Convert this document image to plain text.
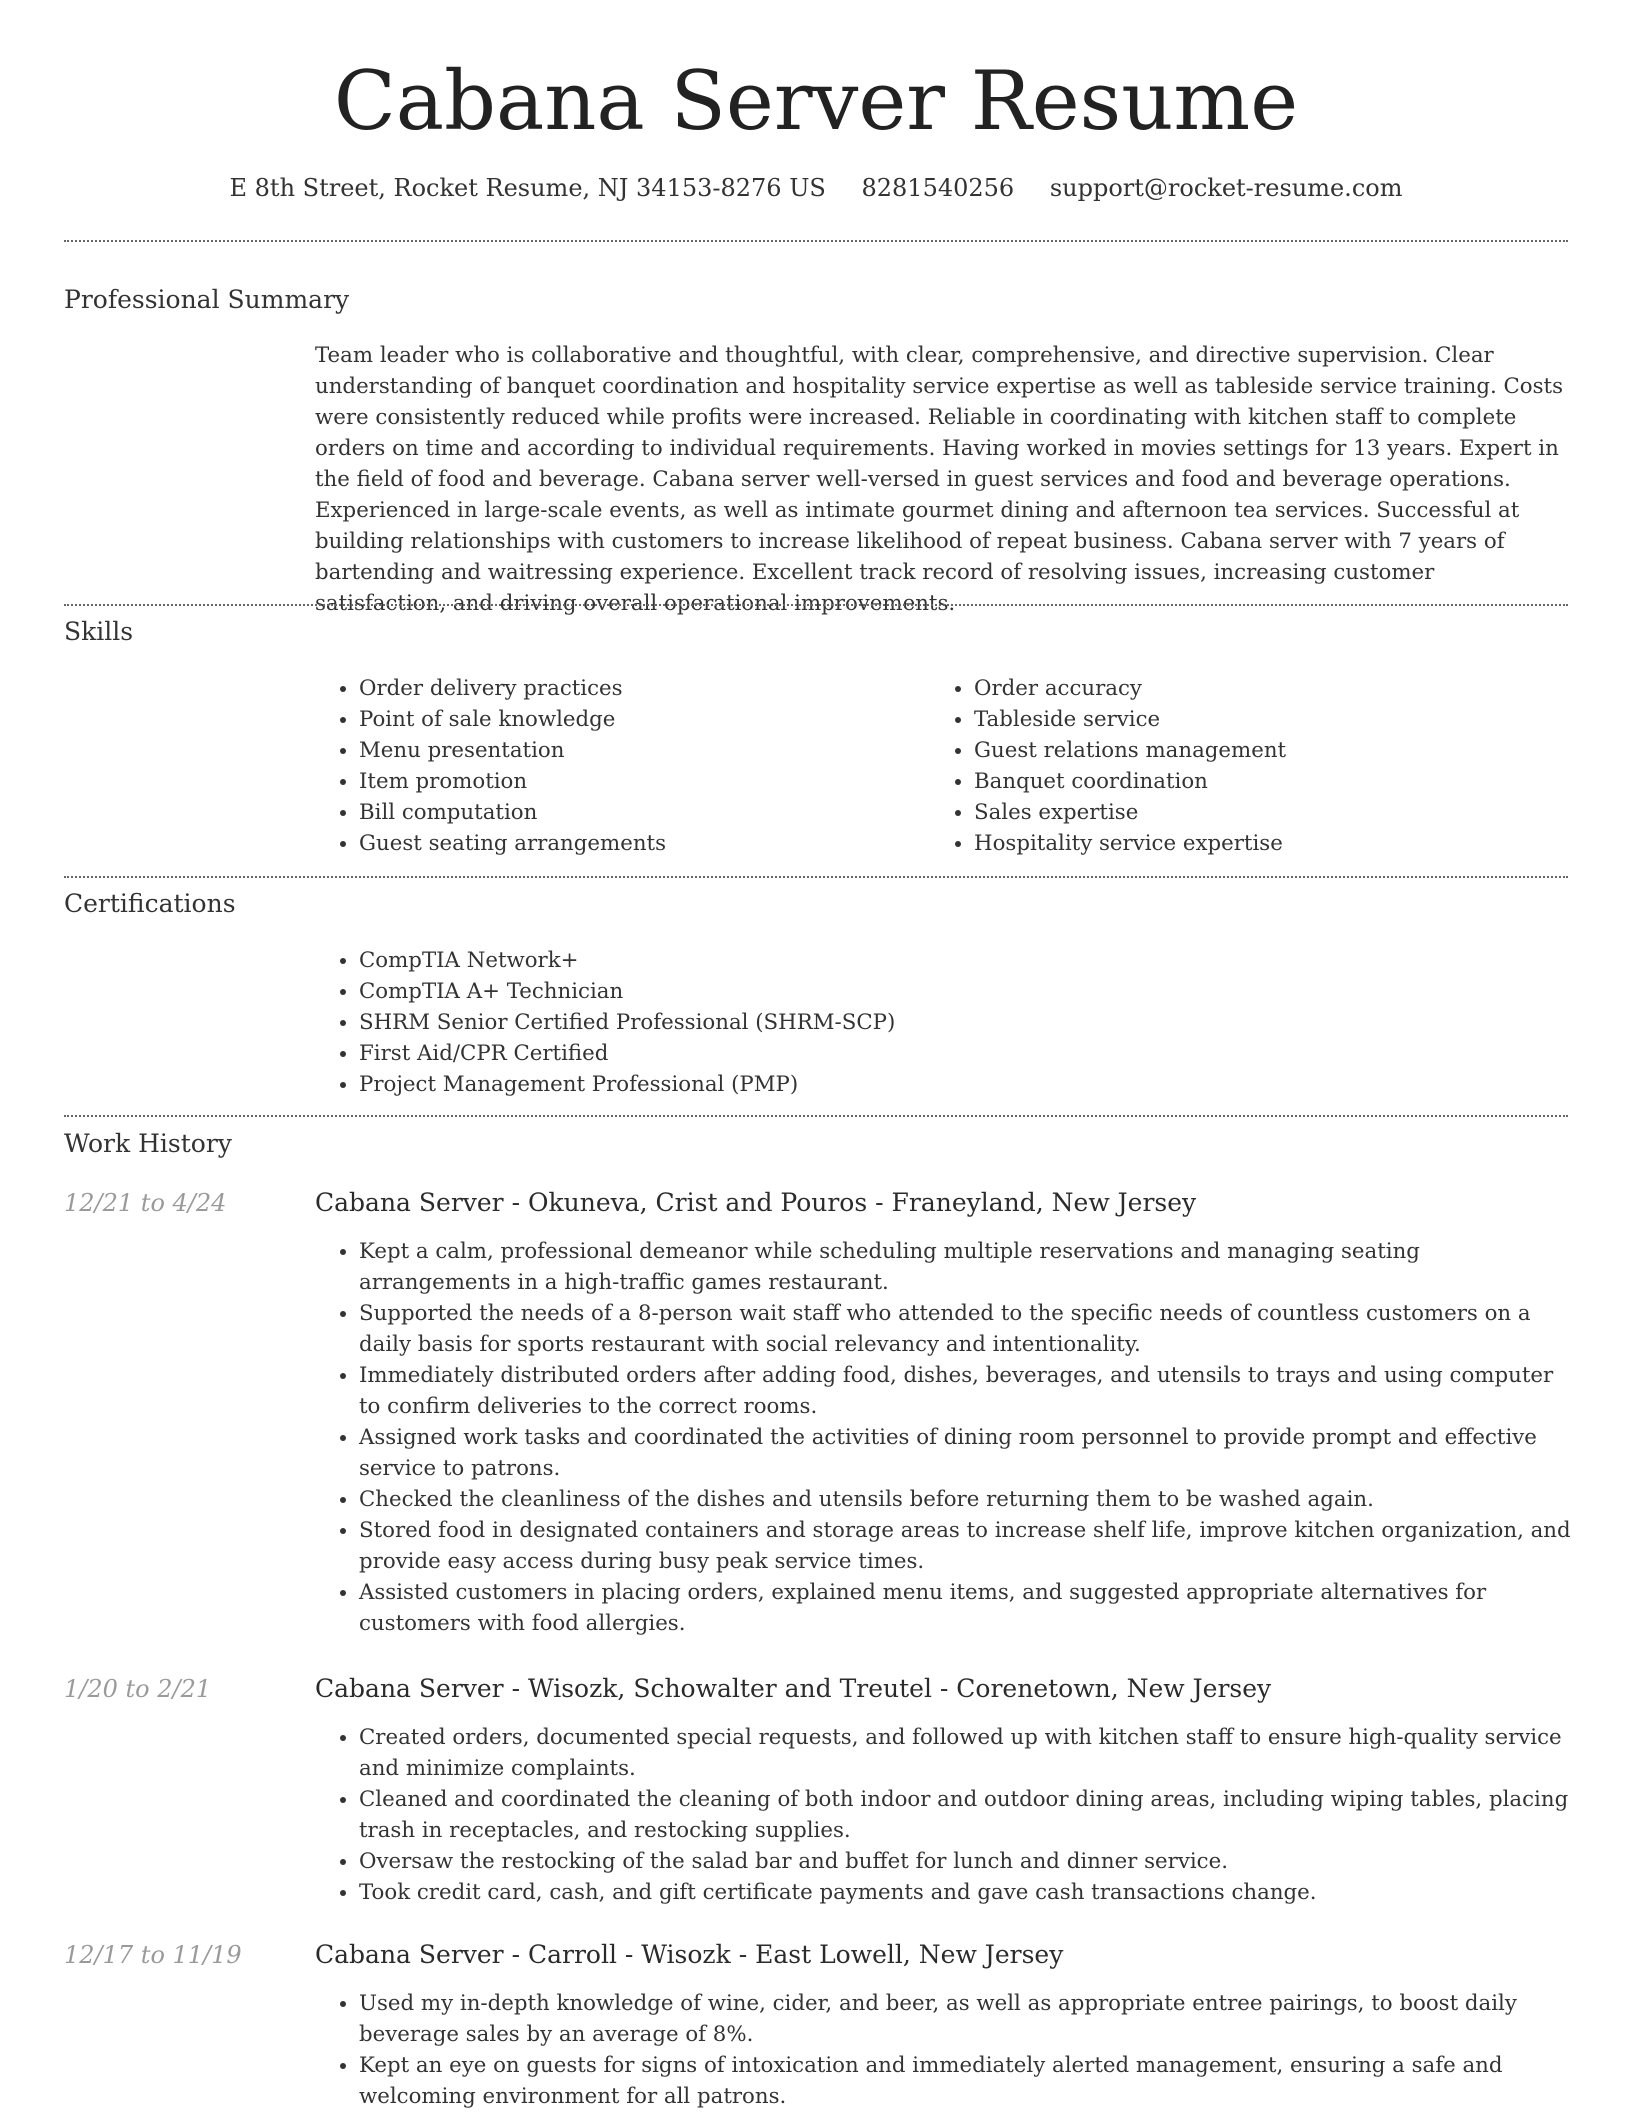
Cabana Server Resume
E 8th Street, Rocket Resume, NJ 34153-8276 US 8281540256 support@rocket-resume.com
Professional Summary
Team leader who is collaborative and thoughtful, with clear, comprehensive, and directive supervision. Clear understanding of banquet coordination and hospitality service expertise as well as tableside service training. Costs were consistently reduced while profits were increased. Reliable in coordinating with kitchen staff to complete orders on time and according to individual requirements. Having worked in movies settings for 13 years. Expert in the field of food and beverage. Cabana server well-versed in guest services and food and beverage operations. Experienced in large-scale events, as well as intimate gourmet dining and afternoon tea services. Successful at building relationships with customers to increase likelihood of repeat business. Cabana server with 7 years of bartending and waitressing experience. Excellent track record of resolving issues, increasing customer satisfaction, and driving overall operational improvements.
Skills
• Order delivery practices
• Point of sale knowledge
• Menu presentation
• Item promotion
• Bill computation
• Guest seating arrangements
• Order accuracy
• Tableside service
• Guest relations management
• Banquet coordination
• Sales expertise
• Hospitality service expertise
Certifications
• CompTIA Network+
• CompTIA A+ Technician
• SHRM Senior Certified Professional (SHRM-SCP)
• First Aid/CPR Certified
• Project Management Professional (PMP)
Work History
12/21 to 4/24	Cabana Server - Okuneva, Crist and Pouros - Franeyland, New Jersey
• Kept a calm, professional demeanor while scheduling multiple reservations and managing seating arrangements in a high-traffic games restaurant.
• Supported the needs of a 8-person wait staff who attended to the specific needs of countless customers on a daily basis for sports restaurant with social relevancy and intentionality.
• Immediately distributed orders after adding food, dishes, beverages, and utensils to trays and using computer to confirm deliveries to the correct rooms.
• Assigned work tasks and coordinated the activities of dining room personnel to provide prompt and effective service to patrons.
• Checked the cleanliness of the dishes and utensils before returning them to be washed again.
• Stored food in designated containers and storage areas to increase shelf life, improve kitchen organization, and provide easy access during busy peak service times.
• Assisted customers in placing orders, explained menu items, and suggested appropriate alternatives for customers with food allergies.
1/20 to 2/21	Cabana Server - Wisozk, Schowalter and Treutel - Corenetown, New Jersey
• Created orders, documented special requests, and followed up with kitchen staff to ensure high-quality service and minimize complaints.
• Cleaned and coordinated the cleaning of both indoor and outdoor dining areas, including wiping tables, placing trash in receptacles, and restocking supplies.
• Oversaw the restocking of the salad bar and buffet for lunch and dinner service.
• Took credit card, cash, and gift certificate payments and gave cash transactions change.
12/17 to 11/19	Cabana Server - Carroll - Wisozk - East Lowell, New Jersey
• Used my in-depth knowledge of wine, cider, and beer, as well as appropriate entree pairings, to boost daily beverage sales by an average of 8%.
• Kept an eye on guests for signs of intoxication and immediately alerted management, ensuring a safe and welcoming environment for all patrons.
